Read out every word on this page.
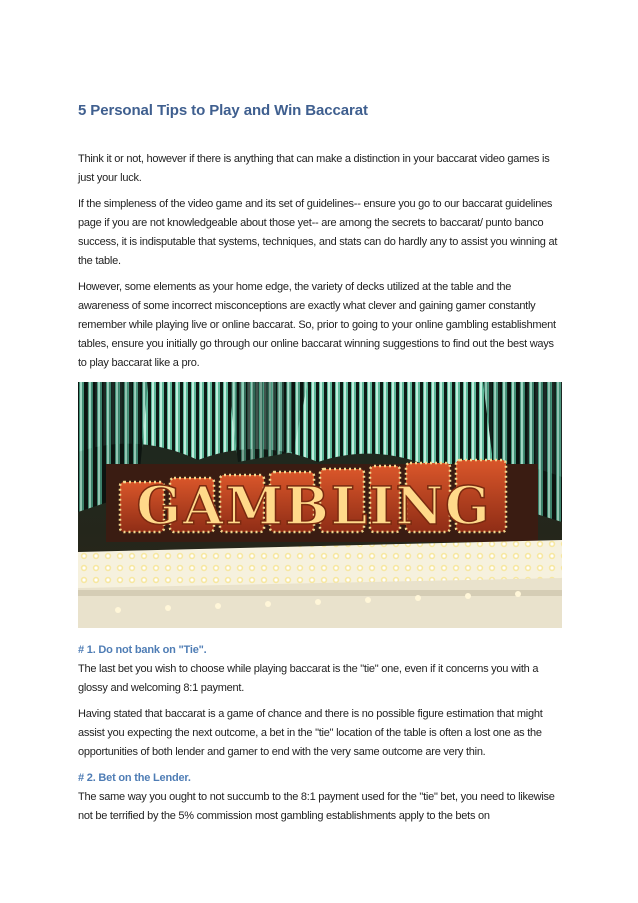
5 Personal Tips to Play and Win Baccarat

Think it or not, however if there is anything that can make a distinction in your baccarat video games is just your luck.

If the simpleness of the video game and its set of guidelines-- ensure you go to our baccarat guidelines page if you are not knowledgeable about those yet-- are among the secrets to baccarat/ punto banco success, it is indisputable that systems, techniques, and stats can do hardly any to assist you winning at the table.

However, some elements as your home edge, the variety of decks utilized at the table and the awareness of some incorrect misconceptions are exactly what clever and gaining gamer constantly remember while playing live or online baccarat. So, prior to going to your online gambling establishment tables, ensure you initially go through our online baccarat winning suggestions to find out the best ways to play baccarat like a pro.

GAMBLING
# 1. Do not bank on "Tie".

The last bet you wish to choose while playing baccarat is the "tie" one, even if it concerns you with a glossy and welcoming 8:1 payment.

Having stated that baccarat is a game of chance and there is no possible figure estimation that might assist you expecting the next outcome, a bet in the "tie" location of the table is often a lost one as the opportunities of both lender and gamer to end with the very same outcome are very thin.

# 2. Bet on the Lender.

The same way you ought to not succumb to the 8:1 payment used for the "tie" bet, you need to likewise not be terrified by the 5% commission most gambling establishments apply to the bets on
